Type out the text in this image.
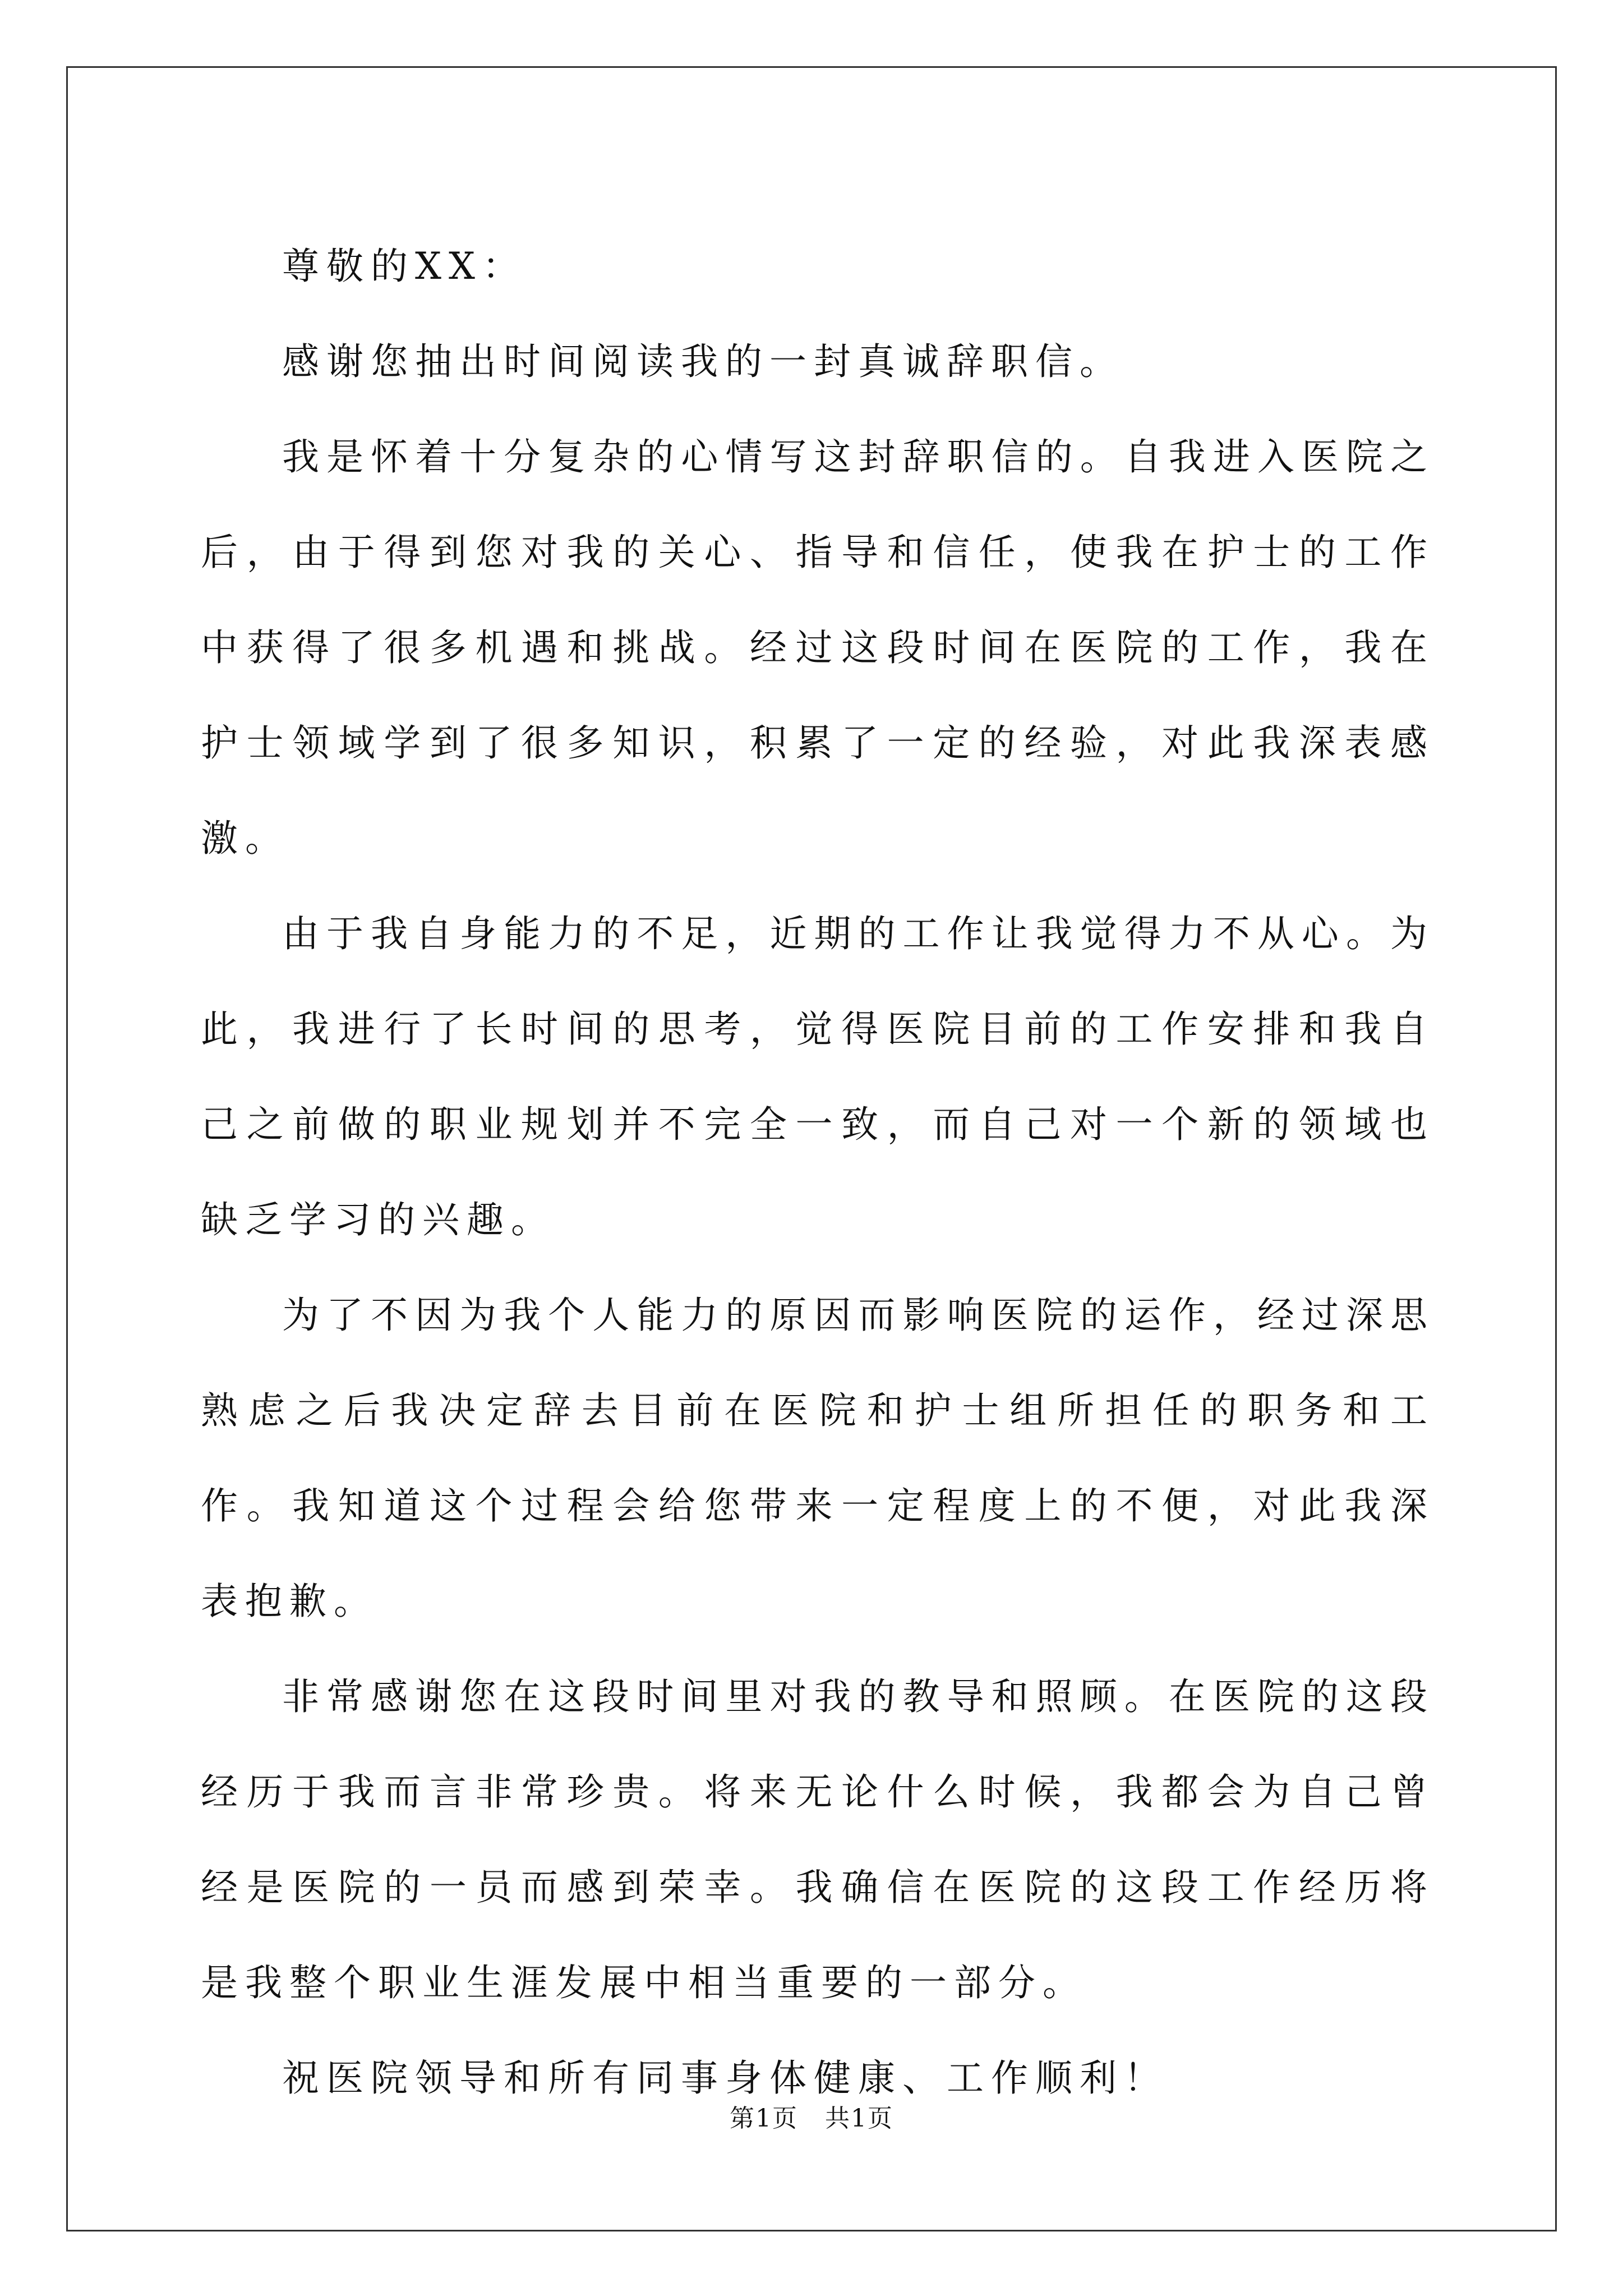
尊敬的XX：

感谢您抽出时间阅读我的一封真诚辞职信。

我是怀着十分复杂的心情写这封辞职信的。自我进入医院之后，由于得到您对我的关心、指导和信任，使我在护士的工作中获得了很多机遇和挑战。经过这段时间在医院的工作，我在护士领域学到了很多知识，积累了一定的经验，对此我深表感激。

由于我自身能力的不足，近期的工作让我觉得力不从心。为此，我进行了长时间的思考，觉得医院目前的工作安排和我自己之前做的职业规划并不完全一致，而自己对一个新的领域也缺乏学习的兴趣。

为了不因为我个人能力的原因而影响医院的运作，经过深思熟虑之后我决定辞去目前在医院和护士组所担任的职务和工作。我知道这个过程会给您带来一定程度上的不便，对此我深表抱歉。

非常感谢您在这段时间里对我的教导和照顾。在医院的这段经历于我而言非常珍贵。将来无论什么时候，我都会为自己曾经是医院的一员而感到荣幸。我确信在医院的这段工作经历将是我整个职业生涯发展中相当重要的一部分。

祝医院领导和所有同事身体健康、工作顺利！

第1页 共1页
